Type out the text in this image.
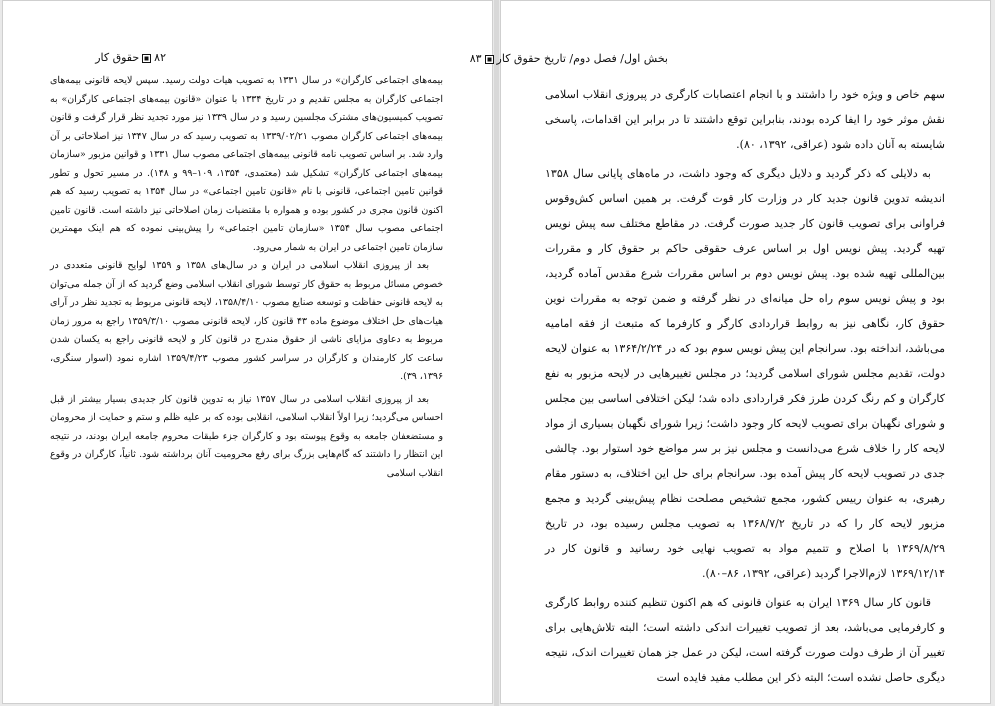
٨٢حقوق کار

بیمه‌های اجتماعی کارگران» در سال ۱۳۳۱ به تصویب هیات دولت رسید. سپس لایحه قانونی بیمه‌های اجتماعی کارگران به مجلس تقدیم و در تاریخ ۱۳۳۴ با عنوان «قانون بیمه‌های اجتماعی کارگران» به تصویب کمیسیون‌های مشترک مجلسین رسید و در سال ۱۳۳۹ نیز مورد تجدید نظر قرار گرفت و قانون بیمه‌های اجتماعی کارگران مصوب ۱۳۳۹/۰۲/۲۱ به تصویب رسید که در سال ۱۳۴۷ نیز اصلاحاتی بر آن وارد شد. بر اساس تصویب نامه قانونی بیمه‌های اجتماعی مصوب سال ۱۳۳۱ و قوانین مزبور «سازمان بیمه‌های اجتماعی کارگران» تشکیل شد (معتمدی، ۱۳۵۴، ۱۰۹–۹۹ و ۱۴۸). در مسیر تحول و تطور قوانین تامین اجتماعی، قانونی با نام «قانون تامین اجتماعی» در سال ۱۳۵۴ به تصویب رسید که هم اکنون قانون مجری در کشور بوده و همواره با مقتضیات زمان اصلاحاتی نیز داشته است. قانون تامین اجتماعی مصوب سال ۱۳۵۴ «سازمان تامین اجتماعی» را پیش‌بینی نموده که هم اینک مهمترین سازمان تامین اجتماعی در ایران به شمار می‌رود.

بعد از پیروزی انقلاب اسلامی در ایران و در سال‌های ۱۳۵۸ و ۱۳۵۹ لوایح قانونی متعددی در خصوص مسائل مربوط به حقوق کار توسط شورای انقلاب اسلامی وضع گردید که از آن جمله می‌توان به لایحه قانونی حفاظت و توسعه صنایع مصوب ۱۳۵۸/۴/۱۰، لایحه قانونی مربوط به تجدید نظر در آرای هیات‌های حل اختلاف موضوع ماده ۴۳ قانون کار، لایحه قانونی مصوب ۱۳۵۹/۳/۱۰ راجع به مرور زمان مربوط به دعاوی مزایای ناشی از حقوق مندرج در قانون کار و لایحه قانونی راجع به یکسان شدن ساعت کار کارمندان و کارگران در سراسر کشور مصوب ۱۳۵۹/۴/۲۳ اشاره نمود (اسوار سنگری، ۱۳۹۶، ۳۹).

بعد از پیروزی انقلاب اسلامی در سال ۱۳۵۷ نیاز به تدوین قانون کار جدیدی بسیار بیشتر از قبل احساس می‌گردید؛ زیرا اولاً انقلاب اسلامی، انقلابی بوده که بر علیه ظلم و ستم و حمایت از محرومان و مستضعفان جامعه به وقوع پیوسته بود و کارگران جزء طبقات محروم جامعه ایران بودند، در نتیجه این انتظار را داشتند که گام‌هایی بزرگ برای رفع محرومیت آنان برداشته شود. ثانیاً، کارگران در وقوع انقلاب اسلامی

بخش اول/ فصل دوم/ تاریخ حقوق کار۸۳

سهم خاص و ویژه خود را داشتند و با انجام اعتصابات کارگری در پیروزی انقلاب اسلامی نقش موثر خود را ایفا کرده بودند، بنابراین توقع داشتند تا در برابر این اقدامات، پاسخی شایسته به آنان داده شود (عراقی، ۱۳۹۲، ۸۰).

به دلایلی که ذکر گردید و دلایل دیگری که وجود داشت، در ماه‌های پایانی سال ۱۳۵۸ اندیشه تدوین قانون جدید کار در وزارت کار قوت گرفت. بر همین اساس کش‌وقوس فراوانی برای تصویب قانون کار جدید صورت گرفت. در مقاطع مختلف سه پیش نویس تهیه گردید. پیش نویس اول بر اساس عرف حقوقی حاکم بر حقوق کار و مقررات بین‌المللی تهیه شده بود. پیش نویس دوم بر اساس مقررات شرع مقدس آماده گردید، بود و پیش نویس سوم راه حل میانه‌ای در نظر گرفته و ضمن توجه به مقررات نوین حقوق کار، نگاهی نیز به روابط قراردادی کارگر و کارفرما که متبعث از فقه امامیه می‌باشد، انداخته بود. سرانجام این پیش نویس سوم بود که در ۱۳۶۴/۲/۲۴ به عنوان لایحه دولت، تقدیم مجلس شورای اسلامی گردید؛ در مجلس تغییرهایی در لایحه مزبور به نفع کارگران و کم رنگ کردن طرز فکر قراردادی داده شد؛ لیکن اختلافی اساسی بین مجلس و شورای نگهبان برای تصویب لایحه کار وجود داشت؛ زیرا شورای نگهبان بسیاری از مواد لایحه کار را خلاف شرع می‌دانست و مجلس نیز بر سر مواضع خود استوار بود. چالشی جدی در تصویب لایحه کار پیش آمده بود. سرانجام برای حل این اختلاف، به دستور مقام رهبری، به عنوان رییس کشور، مجمع تشخیص مصلحت نظام پیش‌بینی گردید و مجمع مزبور لایحه کار را که در تاریخ ۱۳۶۸/۷/۲ به تصویب مجلس رسیده بود، در تاریخ ۱۳۶۹/۸/۲۹ با اصلاح و تتمیم مواد به تصویب نهایی خود رسانید و قانون کار در ۱۳۶۹/۱۲/۱۴ لازم‌الاجرا گردید (عراقی، ۱۳۹۲، ۸۶–۸۰).

قانون کار سال ۱۳۶۹ ایران به عنوان قانونی که هم اکنون تنظیم کننده روابط کارگری و کارفرمایی می‌باشد، بعد از تصویب تغییرات اندکی داشته است؛ البته تلاش‌هایی برای تغییر آن از طرف دولت صورت گرفته است، لیکن در عمل جز همان تغییرات اندک، نتیجه دیگری حاصل نشده است؛ البته ذکر این مطلب مفید فایده است
